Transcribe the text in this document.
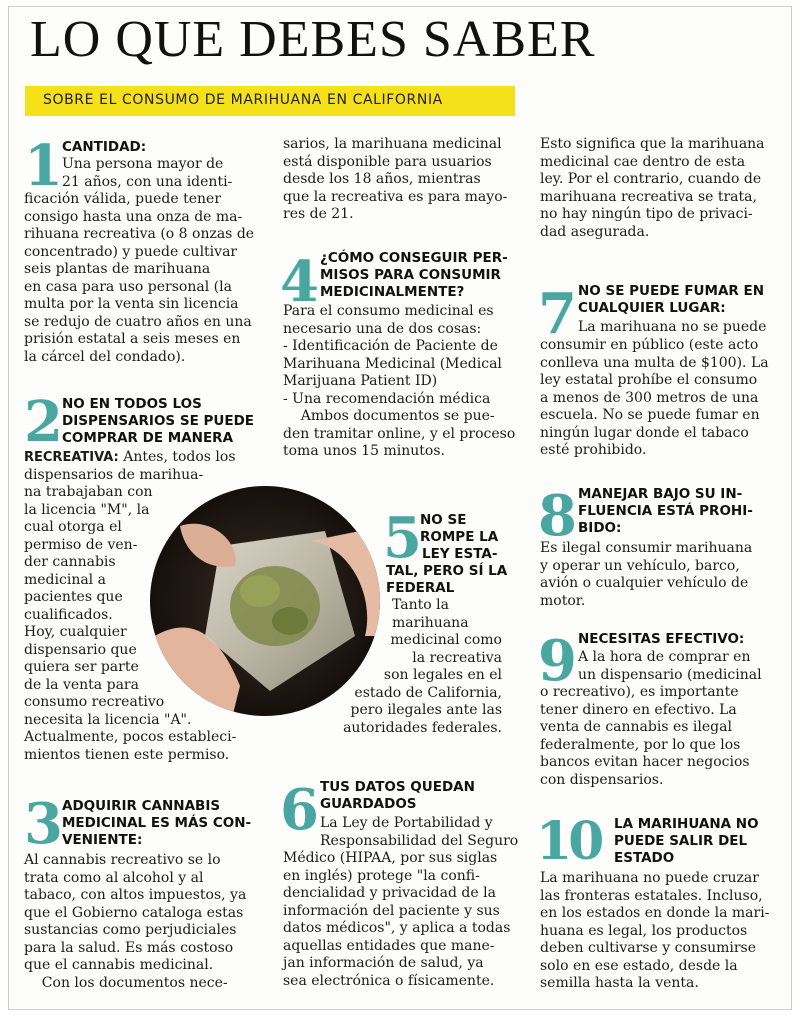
LO QUE DEBES SABER
SOBRE EL CONSUMO DE MARIHUANA EN CALIFORNIA
1 CANTIDAD:
Una persona mayor de
21 años, con una identi-
ficación válida, puede tener
consigo hasta una onza de ma-
rihuana recreativa (o 8 onzas de
concentrado) y puede cultivar
seis plantas de marihuana
en casa para uso personal (la
multa por la venta sin licencia
se redujo de cuatro años en una
prisión estatal a seis meses en
la cárcel del condado).
2 NO EN TODOS LOS
DISPENSARIOS SE PUEDE
COMPRAR DE MANERA
RECREATIVA: Antes, todos los
dispensarios de marihua-
na trabajaban con
la licencia "M", la
cual otorga el
permiso de ven-
der cannabis
medicinal a
pacientes que
cualificados.
Hoy, cualquier
dispensario que
quiera ser parte
de la venta para
consumo recreativo
necesita la licencia "A".
Actualmente, pocos estableci-
mientos tienen este permiso.
3 ADQUIRIR CANNABIS
MEDICINAL ES MÁS CON-
VENIENTE:
Al cannabis recreativo se lo
trata como al alcohol y al
tabaco, con altos impuestos, ya
que el Gobierno cataloga estas
sustancias como perjudiciales
para la salud. Es más costoso
que el cannabis medicinal.
Con los documentos nece-
sarios, la marihuana medicinal
está disponible para usuarios
desde los 18 años, mientras
que la recreativa es para mayo-
res de 21.
4 ¿CÓMO CONSEGUIR PER-
MISOS PARA CONSUMIR
MEDICINALMENTE?
Para el consumo medicinal es
necesario una de dos cosas:
- Identificación de Paciente de
Marihuana Medicinal (Medical
Marijuana Patient ID)
- Una recomendación médica
Ambos documentos se pue-
den tramitar online, y el proceso
toma unos 15 minutos.
5
NO SE
ROMPE LA
LEY ESTA-
TAL, PERO SÍ LA
FEDERAL
Tanto la
marihuana
medicinal como
la recreativa
son legales en el
estado de California,
pero ilegales ante las
autoridades federales.
6 TUS DATOS QUEDAN
GUARDADOS
La Ley de Portabilidad y
Responsabilidad del Seguro
Médico (HIPAA, por sus siglas
en inglés) protege "la confi-
dencialidad y privacidad de la
información del paciente y sus
datos médicos", y aplica a todas
aquellas entidades que mane-
jan información de salud, ya
sea electrónica o físicamente.
Esto significa que la marihuana
medicinal cae dentro de esta
ley. Por el contrario, cuando de
marihuana recreativa se trata,
no hay ningún tipo de privaci-
dad asegurada.
7 NO SE PUEDE FUMAR EN
CUALQUIER LUGAR:
La marihuana no se puede
consumir en público (este acto
conlleva una multa de $100). La
ley estatal prohíbe el consumo
a menos de 300 metros de una
escuela. No se puede fumar en
ningún lugar donde el tabaco
esté prohibido.
8 MANEJAR BAJO SU IN-
FLUENCIA ESTÁ PROHI-
BIDO:
Es ilegal consumir marihuana
y operar un vehículo, barco,
avión o cualquier vehículo de
motor.
9 NECESITAS EFECTIVO:
A la hora de comprar en
un dispensario (medicinal
o recreativo), es importante
tener dinero en efectivo. La
venta de cannabis es ilegal
federalmente, por lo que los
bancos evitan hacer negocios
con dispensarios.
10 LA MARIHUANA NO
PUEDE SALIR DEL
ESTADO
La marihuana no puede cruzar
las fronteras estatales. Incluso,
en los estados en donde la mari-
huana es legal, los productos
deben cultivarse y consumirse
solo en ese estado, desde la
semilla hasta la venta.
